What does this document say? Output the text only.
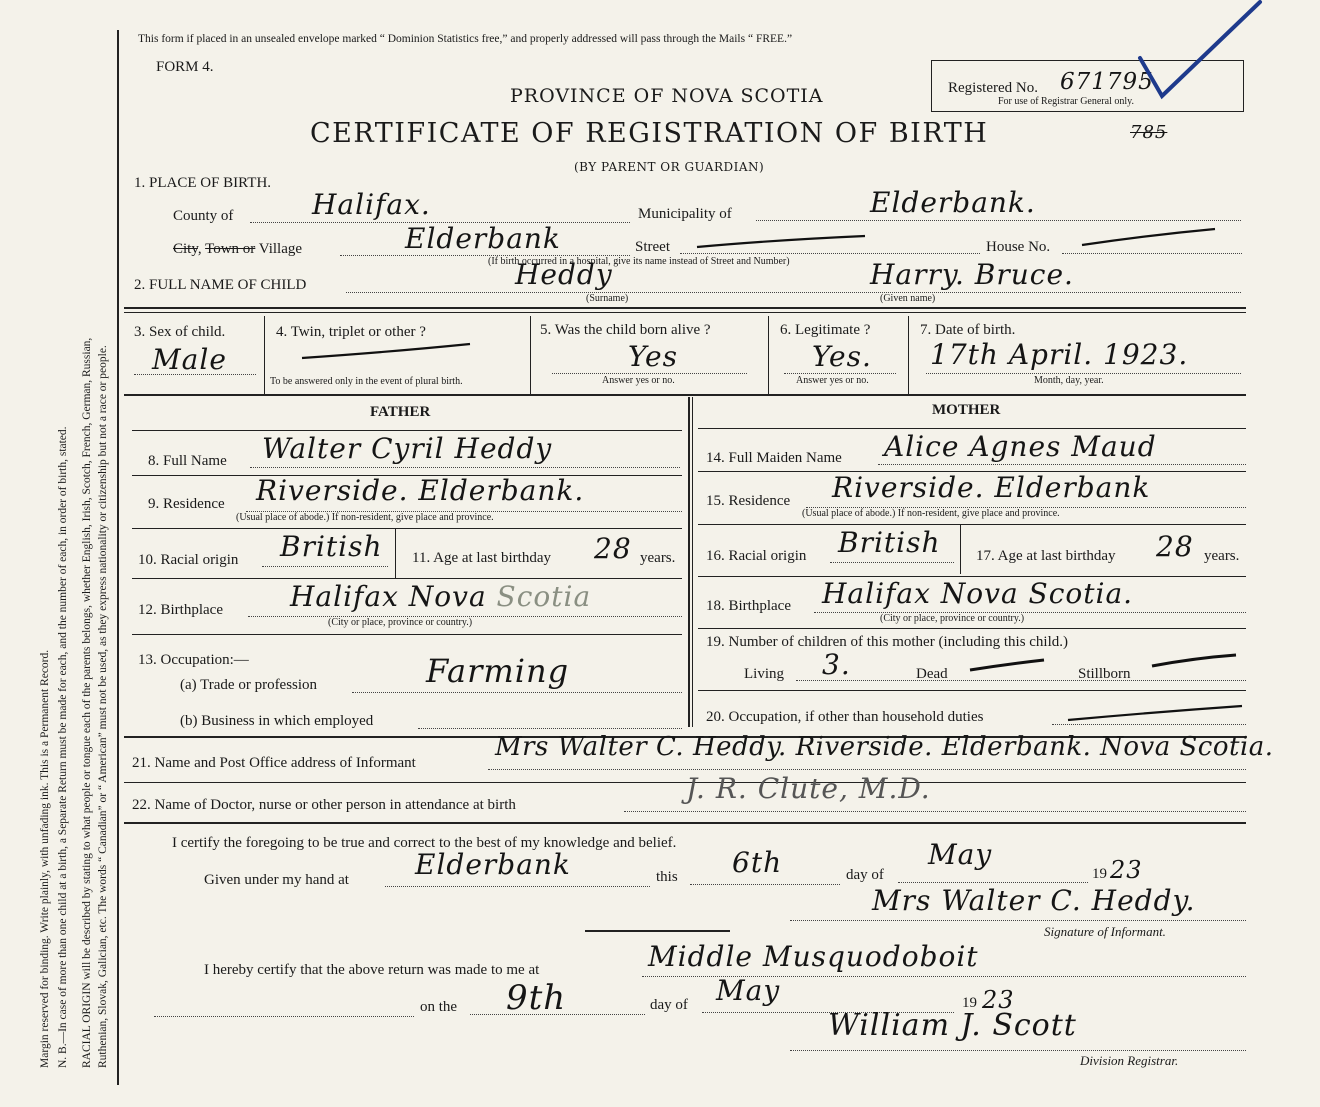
Margin reserved for binding. Write plainly, with unfading ink. This is a Permanent Record. N. B.—In case of more than one child at a birth, a Separate Return must be made for each, and the number of each, in order of birth, stated. RACIAL ORIGIN will be described by stating to what people or tongue each of the parents belongs, whether English, Irish, Scotch, French, German, Russian, Ruthenian, Slovak, Galician, etc. The words “ Canadian” or “ American” must not be used, as they express nationality or citizenship but not a race or people.
This form if placed in an unsealed envelope marked “ Dominion Statistics free,” and properly addressed will pass through the Mails “ FREE.”
FORM 4.
PROVINCE OF NOVA SCOTIA
CERTIFICATE OF REGISTRATION OF BIRTH
(BY PARENT OR GUARDIAN)
Registered No. 671795
For use of Registrar General only.
785
1. PLACE OF BIRTH.
County of	Halifax.	Municipality of	Elderbank.
City, Town or Village	Elderbank	Street	House No.
(If birth occurred in a hospital, give its name instead of Street and Number)
2. FULL NAME OF CHILD	Heddy
(Surname)
Harry. Bruce.
(Given name)
3. Sex of child.
Male
4. Twin, triplet or other ?
To be answered only in the event of plural birth.
5. Was the child born alive ?
Yes
Answer yes or no.
6. Legitimate ?
Yes.
Answer yes or no.
7. Date of birth.
17th April. 1923.
Month, day, year.
FATHER	MOTHER
8. Full Name Walter Cyril Heddy
9. Residence Riverside. Elderbank.
(Usual place of abode.) If non-resident, give place and province.
10. Racial origin British 11. Age at last birthday 28 years.
12. Birthplace Halifax Nova Scotia
(City or place, province or country.)
13. Occupation:—
(a) Trade or profession	Farming
(b) Business in which employed
14. Full Maiden Name Alice Agnes Maud
15. Residence Riverside. Elderbank
(Usual place of abode.) If non-resident, give place and province.
16. Racial origin British 17. Age at last birthday 28 years.
18. Birthplace Halifax Nova Scotia.
(City or place, province or country.)
19. Number of children of this mother (including this child.)
Living 3.	Dead	Stillborn
20. Occupation, if other than household duties
21. Name and Post Office address of Informant
Mrs Walter C. Heddy. Riverside. Elderbank. Nova Scotia.
22. Name of Doctor, nurse or other person in attendance at birth	J. R. Clute, M.D.
I certify the foregoing to be true and correct to the best of my knowledge and belief.
Given under my hand at Elderbank	this 6th	day of
May
19 23
Mrs Walter C. Heddy.
Signature of Informant.
I hereby certify that the above return was made to me at	Middle Musquodoboit
on the 9th	day of May	19 23
William J. Scott
Division Registrar.
